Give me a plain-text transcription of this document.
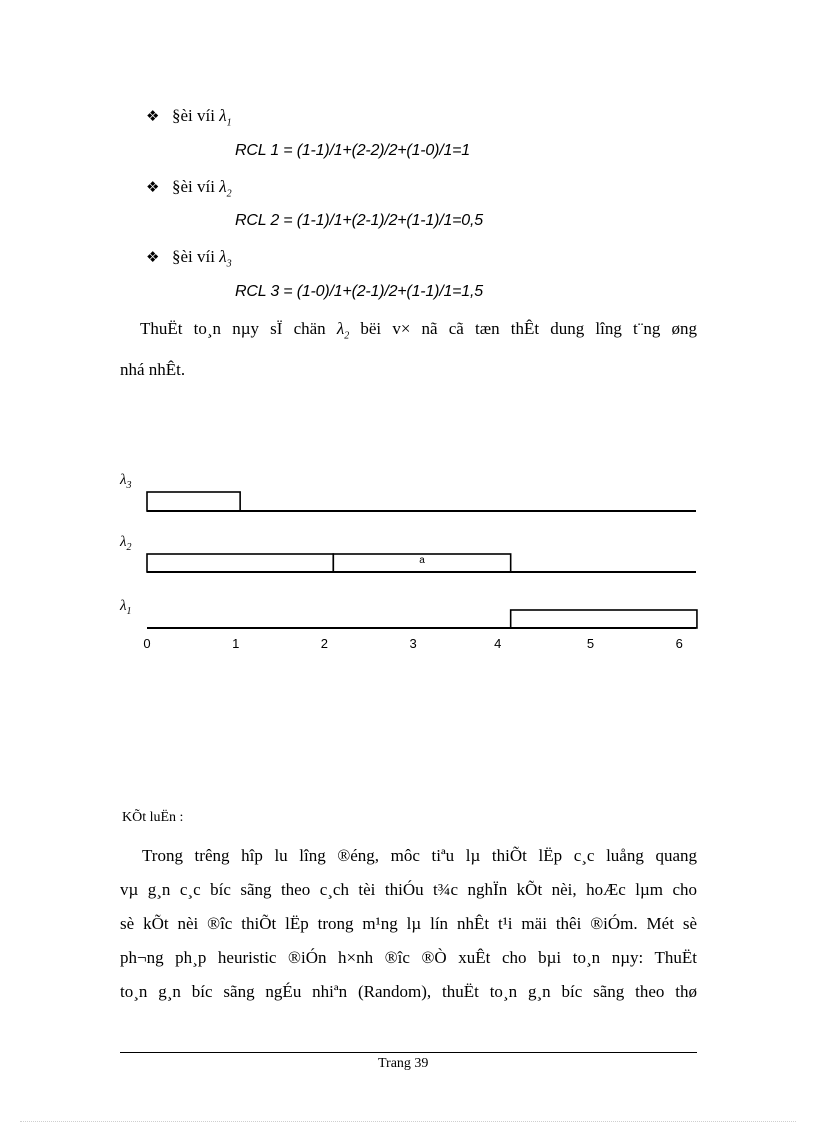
❖ §èi víi $\lambda_1$
RCL 1 = (1-1)/1+(2-2)/2+(1-0)/1=1
❖ §èi víi $\lambda_2$
RCL 2 = (1-1)/1+(2-1)/2+(1-1)/1=0,5
❖ §èi víi $\lambda_3$
RCL 3 = (1-0)/1+(2-1)/2+(1-1)/1=1,5
ThuËt to¸n nµy sÏ chän $\lambda_2$ bëi v× nã cã tæn thÊt dung lîng t¨ng øng
nhá nhÊt.
$\lambda_3$
$\lambda_2$
a
$\lambda_1$
0	1	2	3	4	5	6
KÕt luËn :
Trong trêng hîp lu lîng ®éng, môc tiªu lµ thiÕt lËp c¸c luång quang
vµ g¸n c¸c bíc sãng theo c¸ch tèi thiÓu t¾c nghÏn kÕt nèi, hoÆc lµm cho
sè kÕt nèi ®îc thiÕt lËp trong m¹ng lµ lín nhÊt t¹i mäi thêi ®iÓm. Mét sè
ph¬ng ph¸p heuristic ®iÓn h×nh ®îc ®Ò xuÊt cho bµi to¸n nµy: ThuËt
to¸n g¸n bíc sãng ngÉu nhiªn (Random), thuËt to¸n g¸n bíc sãng theo thø
Trang 39
